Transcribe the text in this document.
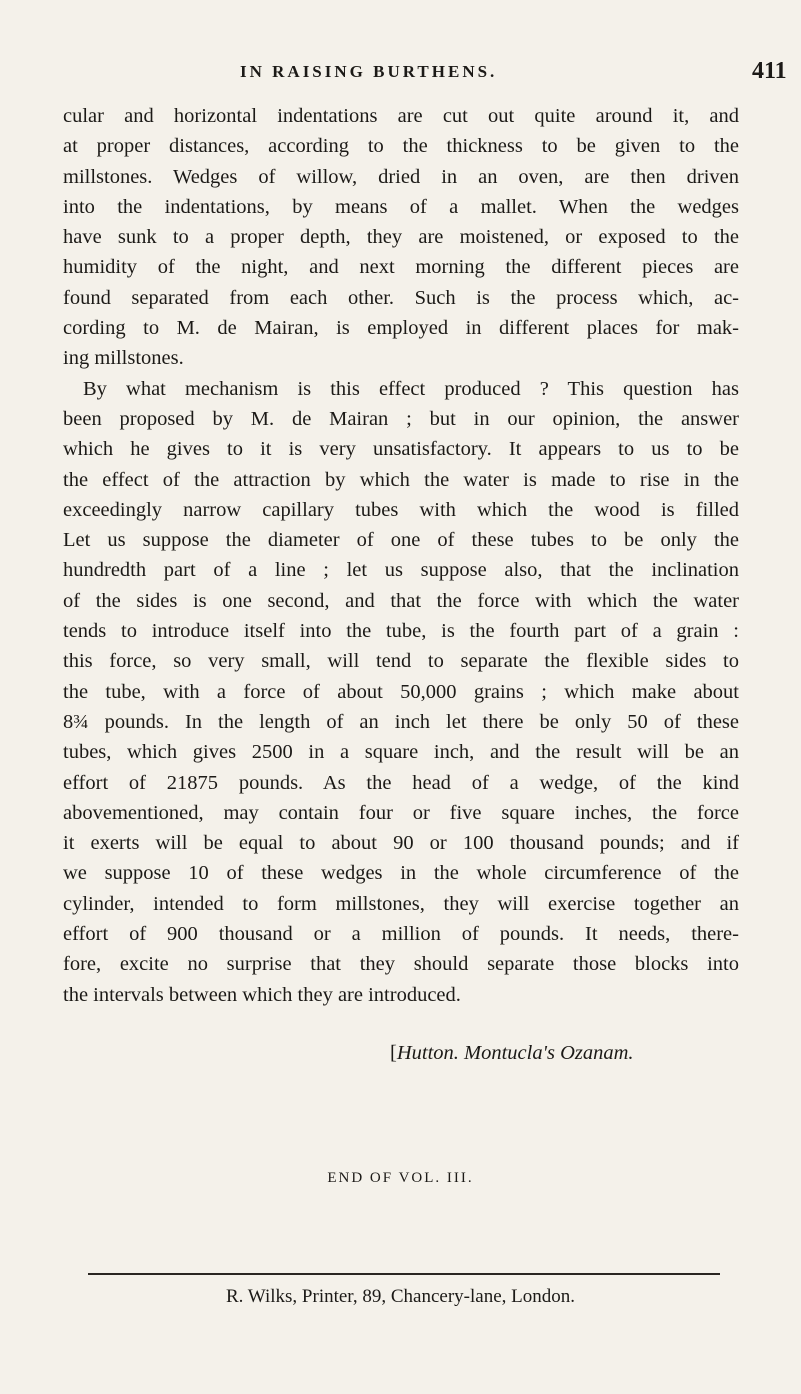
IN RAISING BURTHENS.	411
cular and horizontal indentations are cut out quite around it, and
at proper distances, according to the thickness to be given to the
millstones. Wedges of willow, dried in an oven, are then driven
into the indentations, by means of a mallet. When the wedges
have sunk to a proper depth, they are moistened, or exposed to the
humidity of the night, and next morning the different pieces are
found separated from each other. Such is the process which, ac-
cording to M. de Mairan, is employed in different places for mak-
ing millstones.
By what mechanism is this effect produced ? This question has
been proposed by M. de Mairan ; but in our opinion, the answer
which he gives to it is very unsatisfactory. It appears to us to be
the effect of the attraction by which the water is made to rise in the
exceedingly narrow capillary tubes with which the wood is filled
Let us suppose the diameter of one of these tubes to be only the
hundredth part of a line ; let us suppose also, that the inclination
of the sides is one second, and that the force with which the water
tends to introduce itself into the tube, is the fourth part of a grain :
this force, so very small, will tend to separate the flexible sides to
the tube, with a force of about 50,000 grains ; which make about
8¾ pounds. In the length of an inch let there be only 50 of these
tubes, which gives 2500 in a square inch, and the result will be an
effort of 21875 pounds. As the head of a wedge, of the kind
abovementioned, may contain four or five square inches, the force
it exerts will be equal to about 90 or 100 thousand pounds; and if
we suppose 10 of these wedges in the whole circumference of the
cylinder, intended to form millstones, they will exercise together an
effort of 900 thousand or a million of pounds. It needs, there-
fore, excite no surprise that they should separate those blocks into
the intervals between which they are introduced.
[Hutton. Montucla's Ozanam.
END OF VOL. III.
R. Wilks, Printer, 89, Chancery-lane, London.
